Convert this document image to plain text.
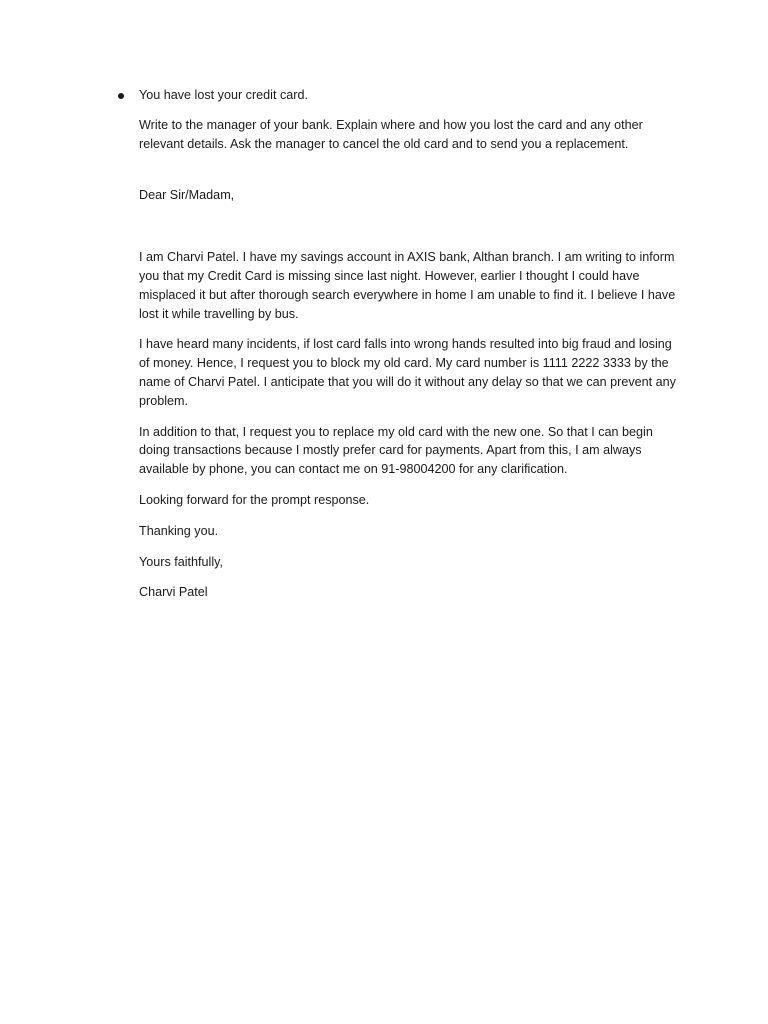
You have lost your credit card.

Write to the manager of your bank. Explain where and how you lost the card and any other relevant details. Ask the manager to cancel the old card and to send you a replacement.

Dear Sir/Madam,

I am Charvi Patel. I have my savings account in AXIS bank, Althan branch. I am writing to inform you that my Credit Card is missing since last night. However, earlier I thought I could have misplaced it but after thorough search everywhere in home I am unable to find it. I believe I have lost it while travelling by bus.

I have heard many incidents, if lost card falls into wrong hands resulted into big fraud and losing of money. Hence, I request you to block my old card. My card number is 1111 2222 3333 by the name of Charvi Patel. I anticipate that you will do it without any delay so that we can prevent any problem.

In addition to that, I request you to replace my old card with the new one. So that I can begin doing transactions because I mostly prefer card for payments. Apart from this, I am always available by phone, you can contact me on 91-98004200 for any clarification.

Looking forward for the prompt response.

Thanking you.

Yours faithfully,

Charvi Patel
